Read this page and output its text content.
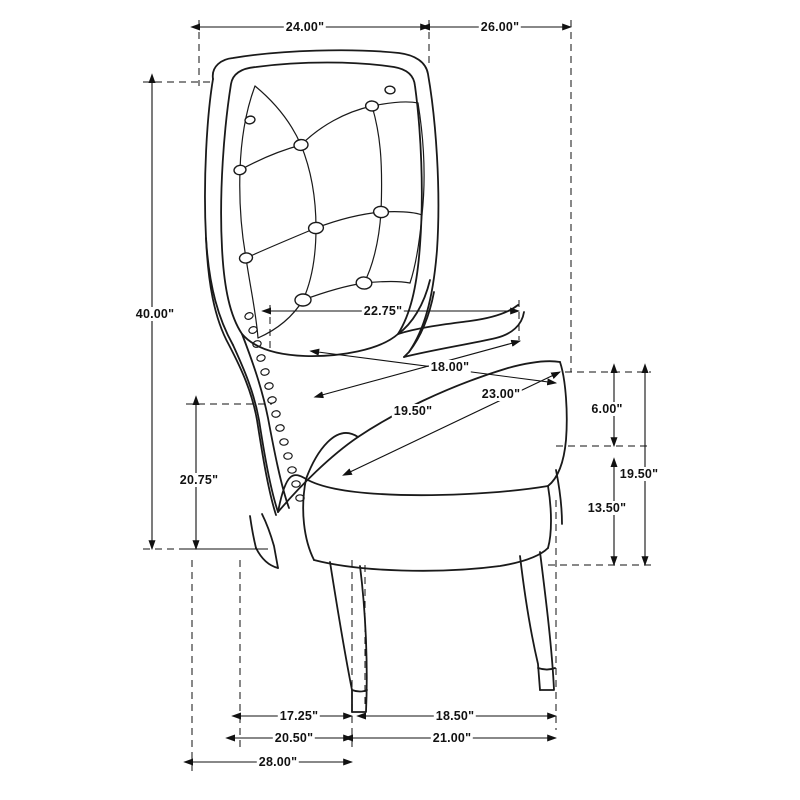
24.00"	26.00"
40.00"	22.75"
18.00"
23.00"
19.50"	6.00"
19.50"
13.50"
20.75"
17.25"	18.50"
20.50"	21.00"
28.00"
